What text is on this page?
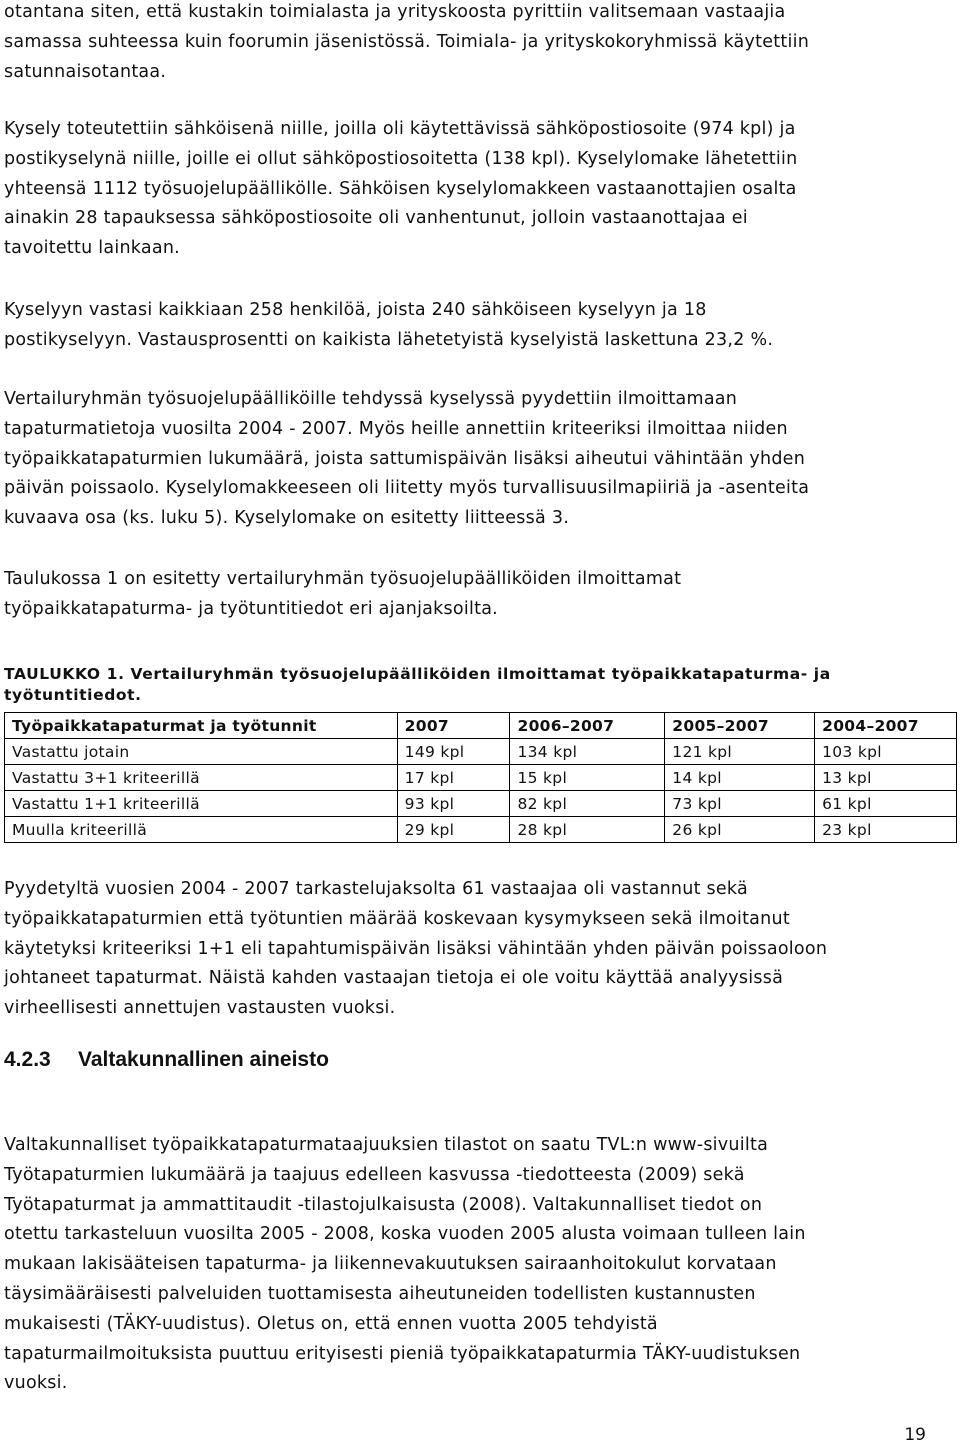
otantana siten, että kustakin toimialasta ja yrityskoosta pyrittiin valitsemaan vastaajia
samassa suhteessa kuin foorumin jäsenistössä. Toimiala- ja yrityskokoryhmissä käytettiin
satunnaisotantaa.
Kysely toteutettiin sähköisenä niille, joilla oli käytettävissä sähköpostiosoite (974 kpl) ja
postikyselynä niille, joille ei ollut sähköpostiosoitetta (138 kpl). Kyselylomake lähetettiin
yhteensä 1112 työsuojelupäällikölle. Sähköisen kyselylomakkeen vastaanottajien osalta
ainakin 28 tapauksessa sähköpostiosoite oli vanhentunut, jolloin vastaanottajaa ei
tavoitettu lainkaan.
Kyselyyn vastasi kaikkiaan 258 henkilöä, joista 240 sähköiseen kyselyyn ja 18
postikyselyyn. Vastausprosentti on kaikista lähetetyistä kyselyistä laskettuna 23,2 %.
Vertailuryhmän työsuojelupäälliköille tehdyssä kyselyssä pyydettiin ilmoittamaan
tapaturmatietoja vuosilta 2004 - 2007. Myös heille annettiin kriteeriksi ilmoittaa niiden
työpaikkatapaturmien lukumäärä, joista sattumispäivän lisäksi aiheutui vähintään yhden
päivän poissaolo. Kyselylomakkeeseen oli liitetty myös turvallisuusilmapiiriä ja -asenteita
kuvaava osa (ks. luku 5). Kyselylomake on esitetty liitteessä 3.
Taulukossa 1 on esitetty vertailuryhmän työsuojelupäälliköiden ilmoittamat
työpaikkatapaturma- ja työtuntitiedot eri ajanjaksoilta.
TAULUKKO 1. Vertailuryhmän työsuojelupäälliköiden ilmoittamat työpaikkatapaturma- ja
työtuntitiedot.
Työpaikkatapaturmat ja työtunnit	2007	2006–2007	2005–2007	2004–2007
Vastattu jotain	149 kpl	134 kpl	121 kpl	103 kpl
Vastattu 3+1 kriteerillä	17 kpl	15 kpl	14 kpl	13 kpl
Vastattu 1+1 kriteerillä	93 kpl	82 kpl	73 kpl	61 kpl
Muulla kriteerillä	29 kpl	28 kpl	26 kpl	23 kpl
Pyydetyltä vuosien 2004 - 2007 tarkastelujaksolta 61 vastaajaa oli vastannut sekä
työpaikkatapaturmien että työtuntien määrää koskevaan kysymykseen sekä ilmoitanut
käytetyksi kriteeriksi 1+1 eli tapahtumispäivän lisäksi vähintään yhden päivän poissaoloon
johtaneet tapaturmat. Näistä kahden vastaajan tietoja ei ole voitu käyttää analyysissä
virheellisesti annettujen vastausten vuoksi.
4.2.3 Valtakunnallinen aineisto
Valtakunnalliset työpaikkatapaturmataajuuksien tilastot on saatu TVL:n www-sivuilta
Työtapaturmien lukumäärä ja taajuus edelleen kasvussa -tiedotteesta (2009) sekä
Työtapaturmat ja ammattitaudit -tilastojulkaisusta (2008). Valtakunnalliset tiedot on
otettu tarkasteluun vuosilta 2005 - 2008, koska vuoden 2005 alusta voimaan tulleen lain
mukaan lakisääteisen tapaturma- ja liikennevakuutuksen sairaanhoitokulut korvataan
täysimääräisesti palveluiden tuottamisesta aiheutuneiden todellisten kustannusten
mukaisesti (TÄKY-uudistus). Oletus on, että ennen vuotta 2005 tehdyistä
tapaturmailmoituksista puuttuu erityisesti pieniä työpaikkatapaturmia TÄKY-uudistuksen
vuoksi.
19
